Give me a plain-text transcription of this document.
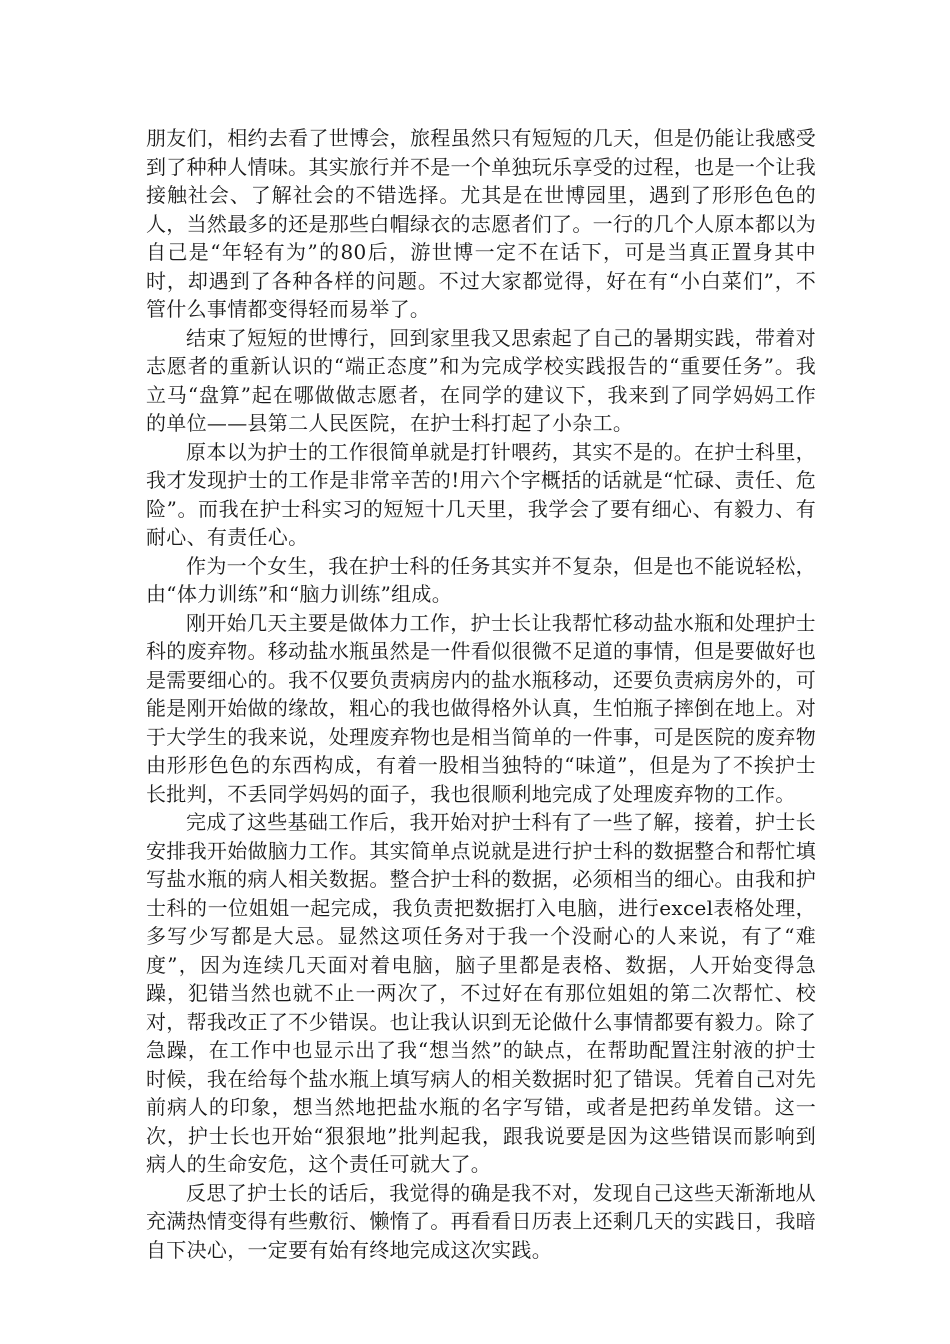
朋友们，相约去看了世博会，旅程虽然只有短短的几天，但是仍能让我感受到了种种人情味。其实旅行并不是一个单独玩乐享受的过程，也是一个让我接触社会、了解社会的不错选择。尤其是在世博园里，遇到了形形色色的人，当然最多的还是那些白帽绿衣的志愿者们了。一行的几个人原本都以为自己是“年轻有为”的80后，游世博一定不在话下，可是当真正置身其中时，却遇到了各种各样的问题。不过大家都觉得，好在有“小白菜们”，不管什么事情都变得轻而易举了。

结束了短短的世博行，回到家里我又思索起了自己的暑期实践，带着对志愿者的重新认识的“端正态度”和为完成学校实践报告的“重要任务”。我立马“盘算”起在哪做做志愿者，在同学的建议下，我来到了同学妈妈工作的单位——县第二人民医院，在护士科打起了小杂工。

原本以为护士的工作很简单就是打针喂药，其实不是的。在护士科里，我才发现护士的工作是非常辛苦的!用六个字概括的话就是“忙碌、责任、危险”。而我在护士科实习的短短十几天里，我学会了要有细心、有毅力、有耐心、有责任心。

作为一个女生，我在护士科的任务其实并不复杂，但是也不能说轻松，由“体力训练”和“脑力训练”组成。

刚开始几天主要是做体力工作，护士长让我帮忙移动盐水瓶和处理护士科的废弃物。移动盐水瓶虽然是一件看似很微不足道的事情，但是要做好也是需要细心的。我不仅要负责病房内的盐水瓶移动，还要负责病房外的，可能是刚开始做的缘故，粗心的我也做得格外认真，生怕瓶子摔倒在地上。对于大学生的我来说，处理废弃物也是相当简单的一件事，可是医院的废弃物由形形色色的东西构成，有着一股相当独特的“味道”，但是为了不挨护士长批判，不丢同学妈妈的面子，我也很顺利地完成了处理废弃物的工作。

完成了这些基础工作后，我开始对护士科有了一些了解，接着，护士长安排我开始做脑力工作。其实简单点说就是进行护士科的数据整合和帮忙填写盐水瓶的病人相关数据。整合护士科的数据，必须相当的细心。由我和护士科的一位姐姐一起完成，我负责把数据打入电脑，进行excel表格处理，多写少写都是大忌。显然这项任务对于我一个没耐心的人来说，有了“难度”，因为连续几天面对着电脑，脑子里都是表格、数据，人开始变得急躁，犯错当然也就不止一两次了，不过好在有那位姐姐的第二次帮忙、校对，帮我改正了不少错误。也让我认识到无论做什么事情都要有毅力。除了急躁，在工作中也显示出了我“想当然”的缺点，在帮助配置注射液的护士时候，我在给每个盐水瓶上填写病人的相关数据时犯了错误。凭着自己对先前病人的印象，想当然地把盐水瓶的名字写错，或者是把药单发错。这一次，护士长也开始“狠狠地”批判起我，跟我说要是因为这些错误而影响到病人的生命安危，这个责任可就大了。

反思了护士长的话后，我觉得的确是我不对，发现自己这些天渐渐地从充满热情变得有些敷衍、懒惰了。再看看日历表上还剩几天的实践日，我暗自下决心，一定要有始有终地完成这次实践。
